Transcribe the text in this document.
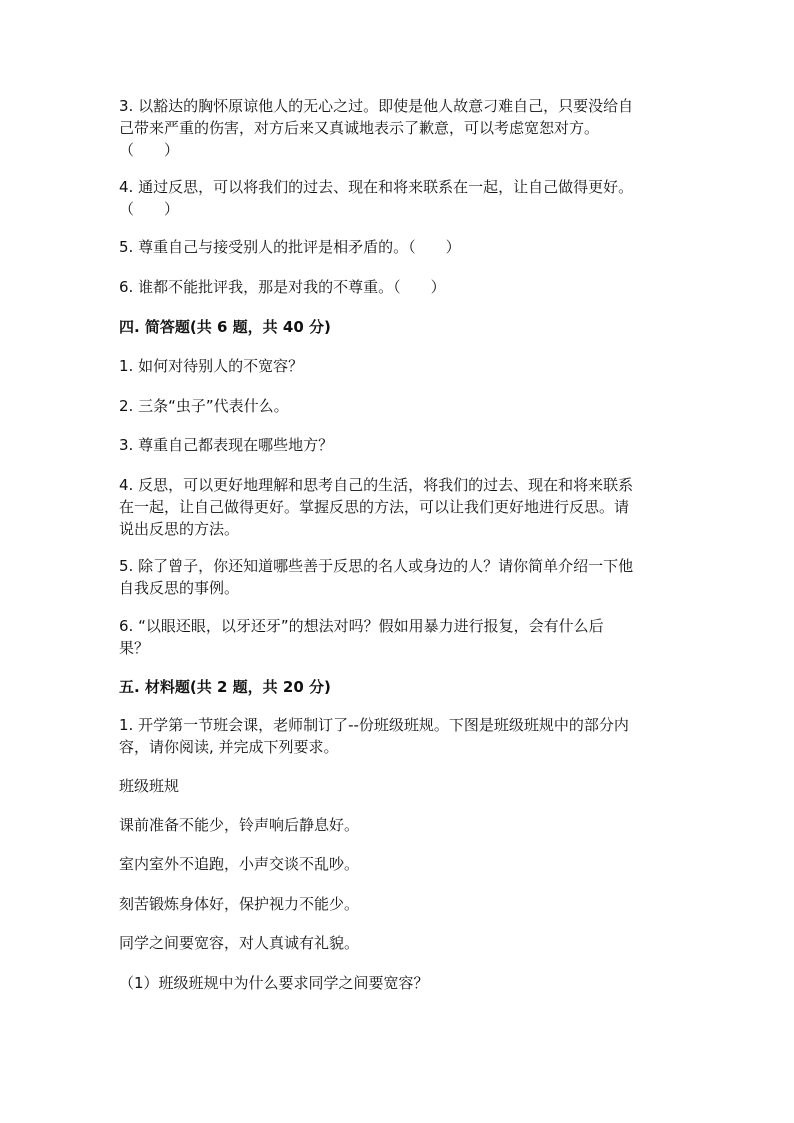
3. 以豁达的胸怀原谅他人的无心之过。即使是他人故意刁难自己，只要没给自
己带来严重的伤害，对方后来又真诚地表示了歉意，可以考虑宽恕对方。
（　　）
4. 通过反思，可以将我们的过去、现在和将来联系在一起，让自己做得更好。
（　　）
5. 尊重自己与接受别人的批评是相矛盾的。（　　）
6. 谁都不能批评我，那是对我的不尊重。（　　）
四. 简答题(共 6 题，共 40 分)
1. 如何对待别人的不宽容？
2. 三条“虫子”代表什么。
3. 尊重自己都表现在哪些地方？
4. 反思，可以更好地理解和思考自己的生活，将我们的过去、现在和将来联系
在一起，让自己做得更好。掌握反思的方法，可以让我们更好地进行反思。请
说出反思的方法。
5. 除了曾子，你还知道哪些善于反思的名人或身边的人？请你简单介绍一下他
自我反思的事例。
6. “以眼还眼，以牙还牙”的想法对吗？假如用暴力进行报复，会有什么后
果？
五. 材料题(共 2 题，共 20 分)
1. 开学第一节班会课，老师制订了--份班级班规。下图是班级班规中的部分内
容，请你阅读, 并完成下列要求。
班级班规
课前准备不能少，铃声响后静息好。
室内室外不追跑，小声交谈不乱吵。
刻苦锻炼身体好，保护视力不能少。
同学之间要宽容，对人真诚有礼貌。
（1）班级班规中为什么要求同学之间要宽容？
